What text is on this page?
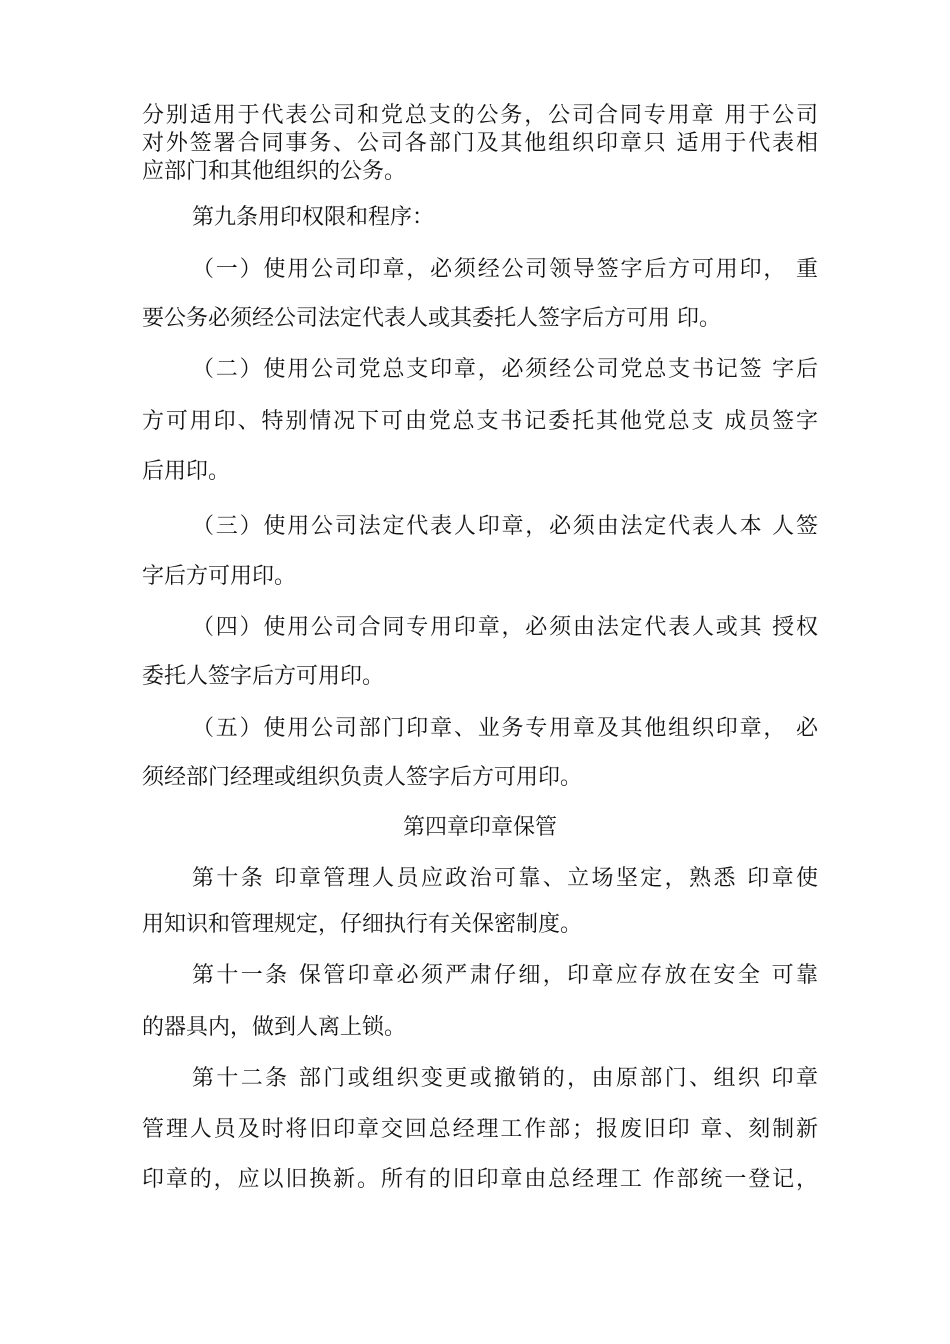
分别适用于代表公司和党总支的公务，公司合同专用章 用于公司
对外签署合同事务、公司各部门及其他组织印章只 适用于代表相
应部门和其他组织的公务。
第九条用印权限和程序：
（一）使用公司印章，必须经公司领导签字后方可用印， 重
要公务必须经公司法定代表人或其委托人签字后方可用 印。
（二）使用公司党总支印章，必须经公司党总支书记签 字后
方可用印、特别情况下可由党总支书记委托其他党总支 成员签字
后用印。
（三）使用公司法定代表人印章，必须由法定代表人本 人签
字后方可用印。
（四）使用公司合同专用印章，必须由法定代表人或其 授权
委托人签字后方可用印。
（五）使用公司部门印章、业务专用章及其他组织印章， 必
须经部门经理或组织负责人签字后方可用印。
第四章印章保管
第十条 印章管理人员应政治可靠、立场坚定，熟悉 印章使
用知识和管理规定，仔细执行有关保密制度。
第十一条 保管印章必须严肃仔细，印章应存放在安全 可靠
的器具内，做到人离上锁。
第十二条 部门或组织变更或撤销的，由原部门、组织 印章
管理人员及时将旧印章交回总经理工作部；报废旧印 章、刻制新
印章的，应以旧换新。所有的旧印章由总经理工 作部统一登记，
